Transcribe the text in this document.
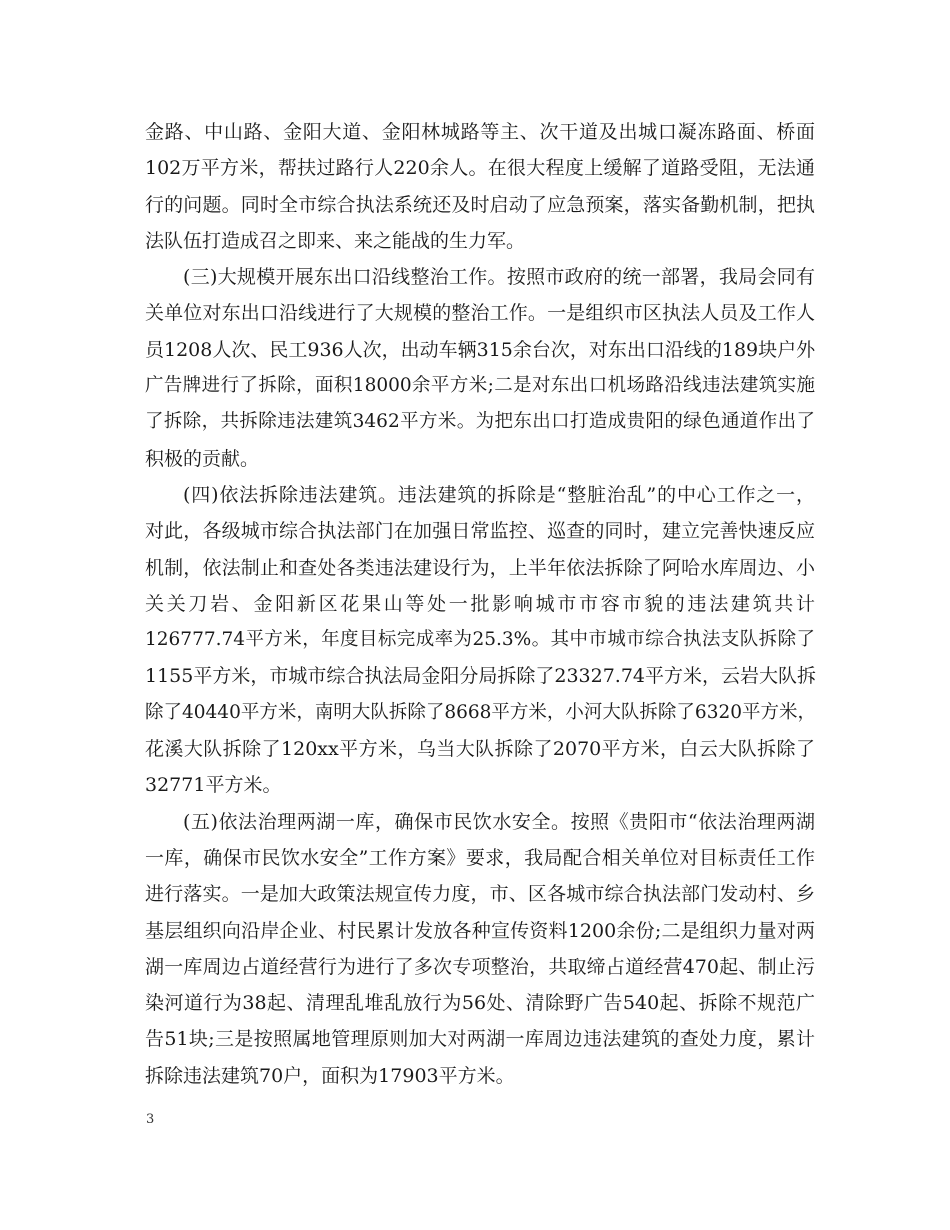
金路、中山路、金阳大道、金阳林城路等主、次干道及出城口凝冻路面、桥面
102万平方米，帮扶过路行人220余人。在很大程度上缓解了道路受阻，无法通
行的问题。同时全市综合执法系统还及时启动了应急预案，落实备勤机制，把执
法队伍打造成召之即来、来之能战的生力军。
(三)大规模开展东出口沿线整治工作。按照市政府的统一部署，我局会同有
关单位对东出口沿线进行了大规模的整治工作。一是组织市区执法人员及工作人
员1208人次、民工936人次，出动车辆315余台次，对东出口沿线的189块户外
广告牌进行了拆除，面积18000余平方米;二是对东出口机场路沿线违法建筑实施
了拆除，共拆除违法建筑3462平方米。为把东出口打造成贵阳的绿色通道作出了
积极的贡献。
(四)依法拆除违法建筑。违法建筑的拆除是“整脏治乱”的中心工作之一，
对此，各级城市综合执法部门在加强日常监控、巡查的同时，建立完善快速反应
机制，依法制止和查处各类违法建设行为，上半年依法拆除了阿哈水库周边、小
关关刀岩、金阳新区花果山等处一批影响城市市容市貌的违法建筑共计
126777.74平方米，年度目标完成率为25.3%。其中市城市综合执法支队拆除了
1155平方米，市城市综合执法局金阳分局拆除了23327.74平方米，云岩大队拆
除了40440平方米，南明大队拆除了8668平方米，小河大队拆除了6320平方米，
花溪大队拆除了120xx平方米，乌当大队拆除了2070平方米，白云大队拆除了
32771平方米。
(五)依法治理两湖一库，确保市民饮水安全。按照《贵阳市“依法治理两湖
一库，确保市民饮水安全”工作方案》要求，我局配合相关单位对目标责任工作
进行落实。一是加大政策法规宣传力度，市、区各城市综合执法部门发动村、乡
基层组织向沿岸企业、村民累计发放各种宣传资料1200余份;二是组织力量对两
湖一库周边占道经营行为进行了多次专项整治，共取缔占道经营470起、制止污
染河道行为38起、清理乱堆乱放行为56处、清除野广告540起、拆除不规范广
告51块;三是按照属地管理原则加大对两湖一库周边违法建筑的查处力度，累计
拆除违法建筑70户，面积为17903平方米。
3
